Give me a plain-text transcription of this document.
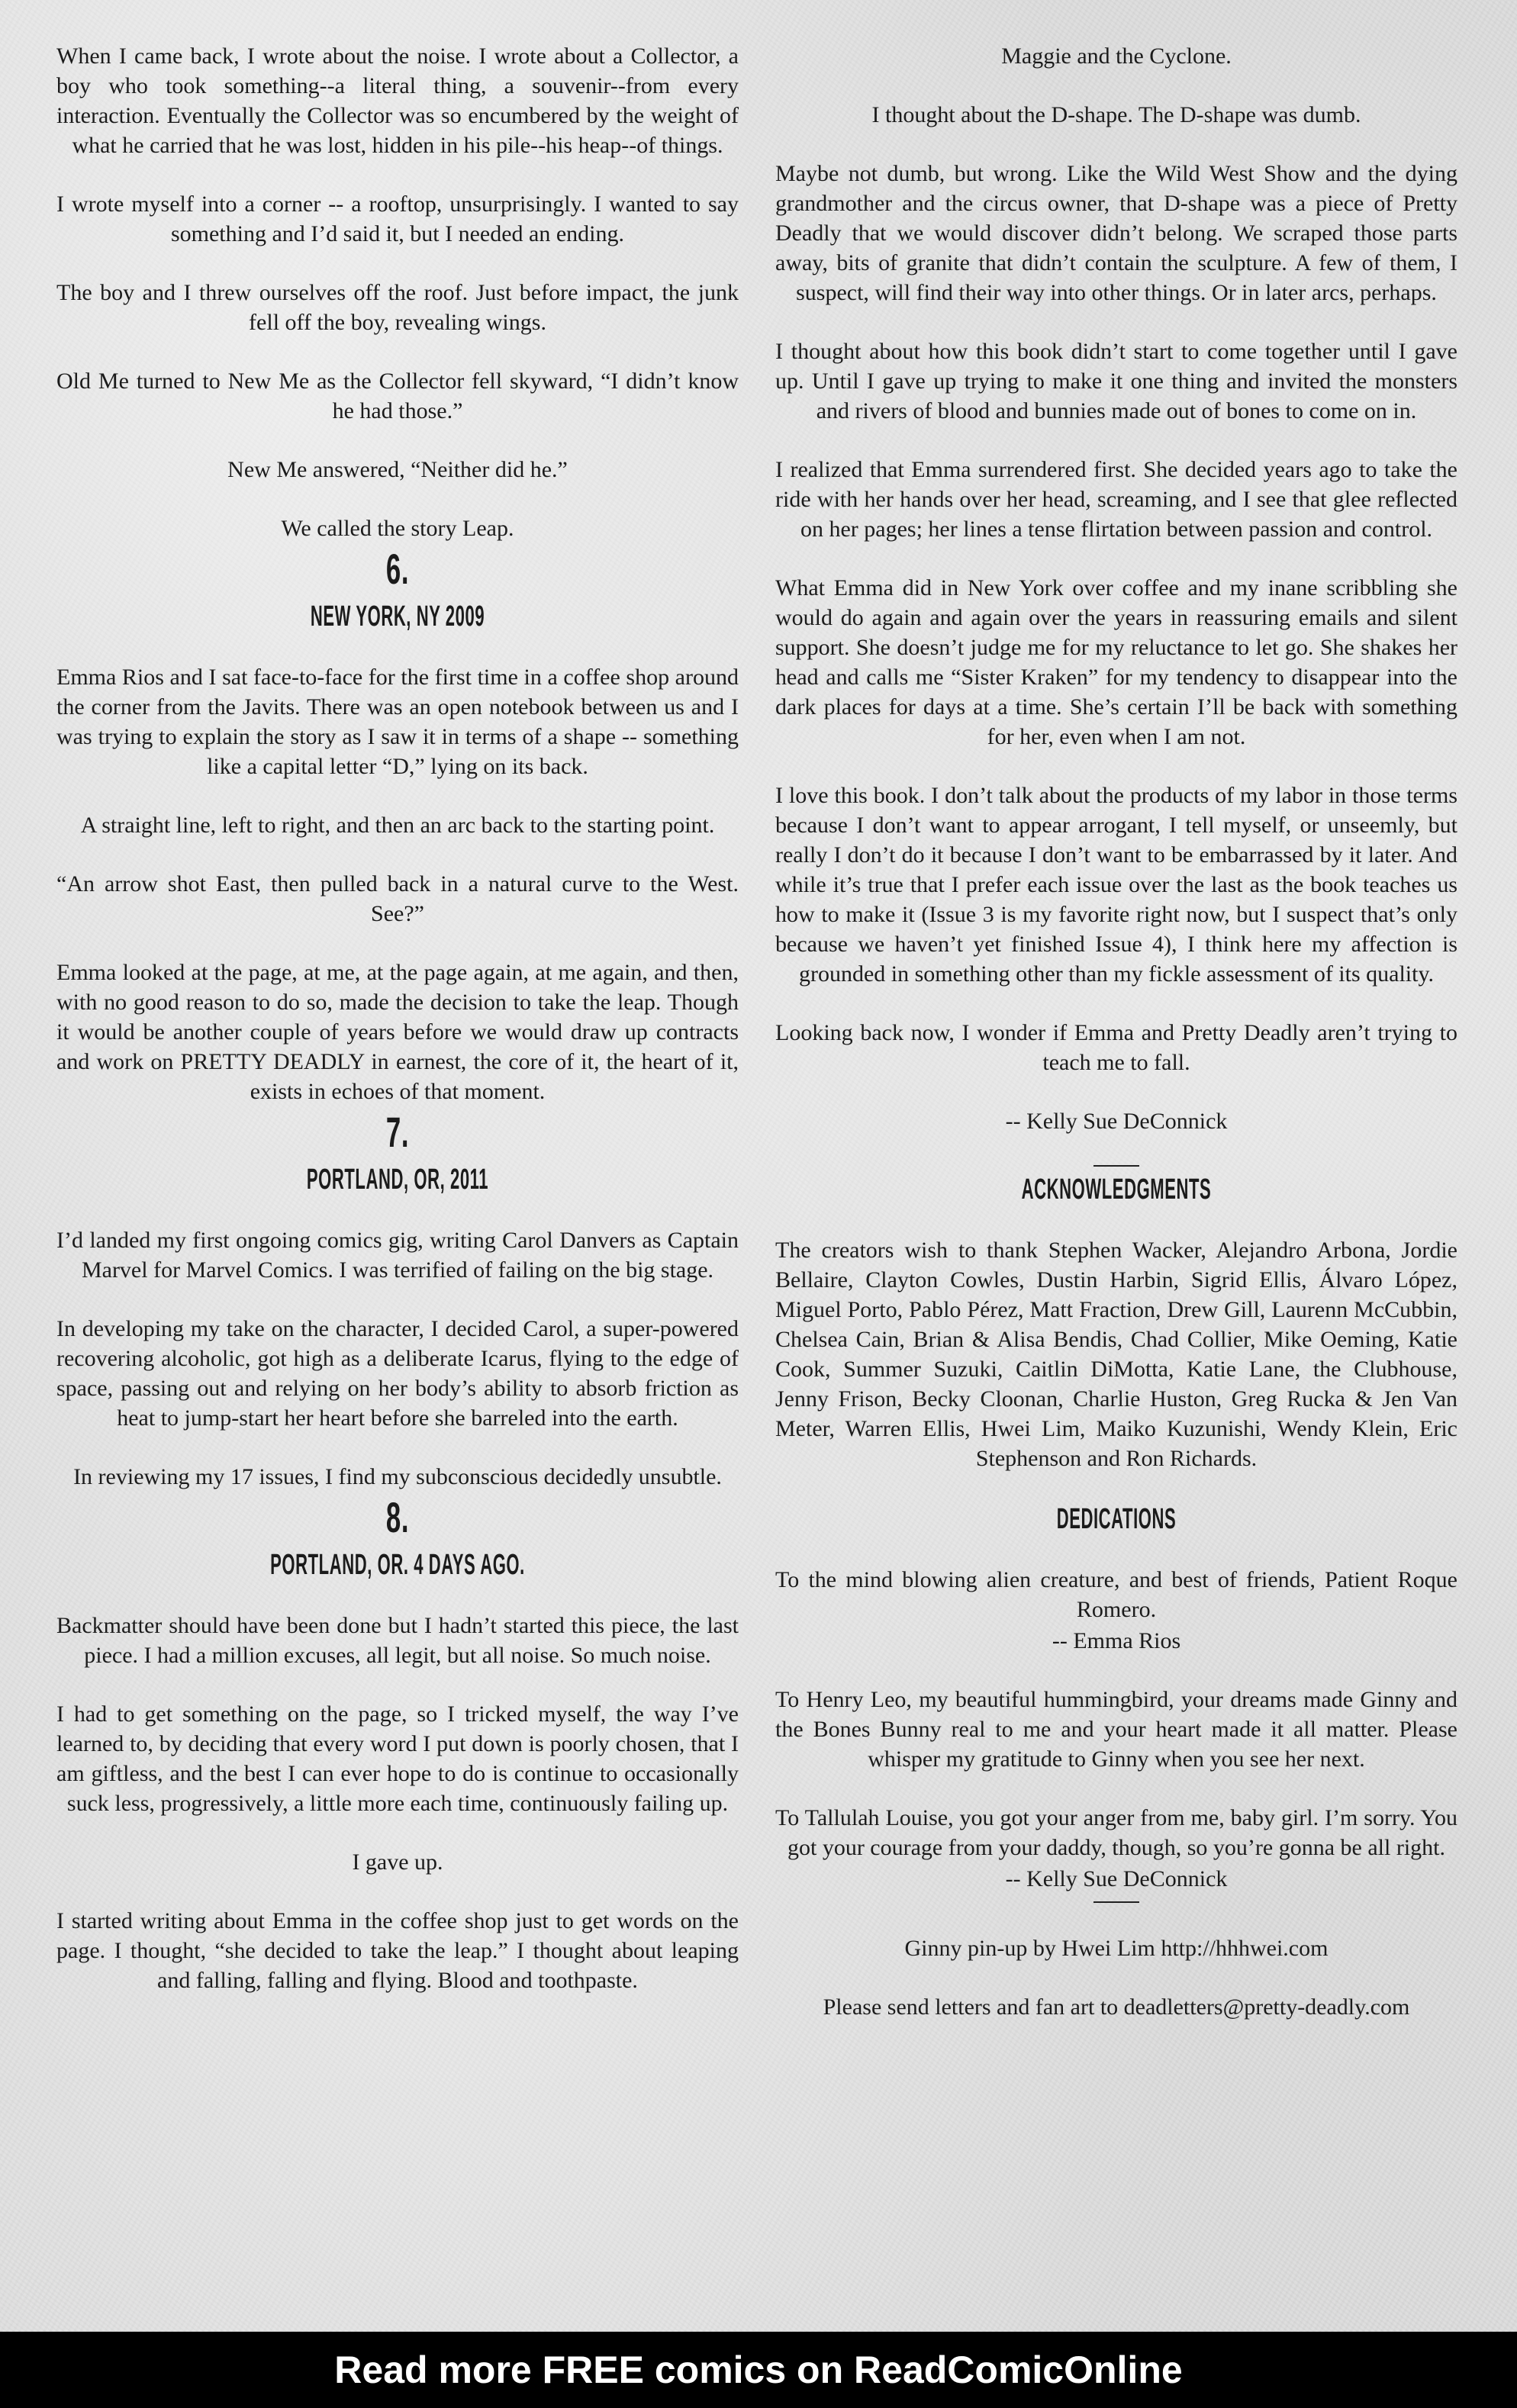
When I came back, I wrote about the noise. I wrote about a Collector, a boy who took something--a literal thing, a souvenir--from every interaction. Eventually the Collector was so encumbered by the weight of what he carried that he was lost, hidden in his pile--his heap--of things.

I wrote myself into a corner -- a rooftop, unsurprisingly. I wanted to say something and I’d said it, but I needed an ending.

The boy and I threw ourselves off the roof. Just before impact, the junk fell off the boy, revealing wings.

Old Me turned to New Me as the Collector fell skyward, “I didn’t know he had those.”

New Me answered, “Neither did he.”

We called the story Leap.

6.
NEW YORK, NY 2009

Emma Rios and I sat face-to-face for the first time in a coffee shop around the corner from the Javits. There was an open notebook between us and I was trying to explain the story as I saw it in terms of a shape -- something like a capital letter “D,” lying on its back.

A straight line, left to right, and then an arc back to the starting point.

“An arrow shot East, then pulled back in a natural curve to the West. See?”

Emma looked at the page, at me, at the page again, at me again, and then, with no good reason to do so, made the decision to take the leap. Though it would be another couple of years before we would draw up contracts and work on PRETTY DEADLY in earnest, the core of it, the heart of it, exists in echoes of that moment.

7.
PORTLAND, OR, 2011

I’d landed my first ongoing comics gig, writing Carol Danvers as Captain Marvel for Marvel Comics. I was terrified of failing on the big stage.

In developing my take on the character, I decided Carol, a super-powered recovering alcoholic, got high as a deliberate Icarus, flying to the edge of space, passing out and relying on her body’s ability to absorb friction as heat to jump-start her heart before she barreled into the earth.

In reviewing my 17 issues, I find my subconscious decidedly unsubtle.

8.
PORTLAND, OR. 4 DAYS AGO.

Backmatter should have been done but I hadn’t started this piece, the last piece. I had a million excuses, all legit, but all noise. So much noise.

I had to get something on the page, so I tricked myself, the way I’ve learned to, by deciding that every word I put down is poorly chosen, that I am giftless, and the best I can ever hope to do is continue to occasionally suck less, progressively, a little more each time, continuously failing up.

I gave up.

I started writing about Emma in the coffee shop just to get words on the page. I thought, “she decided to take the leap.” I thought about leaping and falling, falling and flying. Blood and toothpaste.

Maggie and the Cyclone.

I thought about the D-shape. The D-shape was dumb.

Maybe not dumb, but wrong. Like the Wild West Show and the dying grandmother and the circus owner, that D-shape was a piece of Pretty Deadly that we would discover didn’t belong. We scraped those parts away, bits of granite that didn’t contain the sculpture. A few of them, I suspect, will find their way into other things. Or in later arcs, perhaps.

I thought about how this book didn’t start to come together until I gave up. Until I gave up trying to make it one thing and invited the monsters and rivers of blood and bunnies made out of bones to come on in.

I realized that Emma surrendered first. She decided years ago to take the ride with her hands over her head, screaming, and I see that glee reflected on her pages; her lines a tense flirtation between passion and control.

What Emma did in New York over coffee and my inane scribbling she would do again and again over the years in reassuring emails and silent support. She doesn’t judge me for my reluctance to let go. She shakes her head and calls me “Sister Kraken” for my tendency to disappear into the dark places for days at a time. She’s certain I’ll be back with something for her, even when I am not.

I love this book. I don’t talk about the products of my labor in those terms because I don’t want to appear arrogant, I tell myself, or unseemly, but really I don’t do it because I don’t want to be embarrassed by it later. And while it’s true that I prefer each issue over the last as the book teaches us how to make it (Issue 3 is my favorite right now, but I suspect that’s only because we haven’t yet finished Issue 4), I think here my affection is grounded in something other than my fickle assessment of its quality.

Looking back now, I wonder if Emma and Pretty Deadly aren’t trying to teach me to fall.

-- Kelly Sue DeConnick

ACKNOWLEDGMENTS

The creators wish to thank Stephen Wacker, Alejandro Arbona, Jordie Bellaire, Clayton Cowles, Dustin Harbin, Sigrid Ellis, Álvaro López, Miguel Porto, Pablo Pérez, Matt Fraction, Drew Gill, Laurenn McCubbin, Chelsea Cain, Brian & Alisa Bendis, Chad Collier, Mike Oeming, Katie Cook, Summer Suzuki, Caitlin DiMotta, Katie Lane, the Clubhouse, Jenny Frison, Becky Cloonan, Charlie Huston, Greg Rucka & Jen Van Meter, Warren Ellis, Hwei Lim, Maiko Kuzunishi, Wendy Klein, Eric Stephenson and Ron Richards.

DEDICATIONS

To the mind blowing alien creature, and best of friends, Patient Roque Romero.

-- Emma Rios

To Henry Leo, my beautiful hummingbird, your dreams made Ginny and the Bones Bunny real to me and your heart made it all matter. Please whisper my gratitude to Ginny when you see her next.

To Tallulah Louise, you got your anger from me, baby girl. I’m sorry. You got your courage from your daddy, though, so you’re gonna be all right.

-- Kelly Sue DeConnick

Ginny pin-up by Hwei Lim http://hhhwei.com

Please send letters and fan art to deadletters@pretty-deadly.com

Read more FREE comics on ReadComicOnline
